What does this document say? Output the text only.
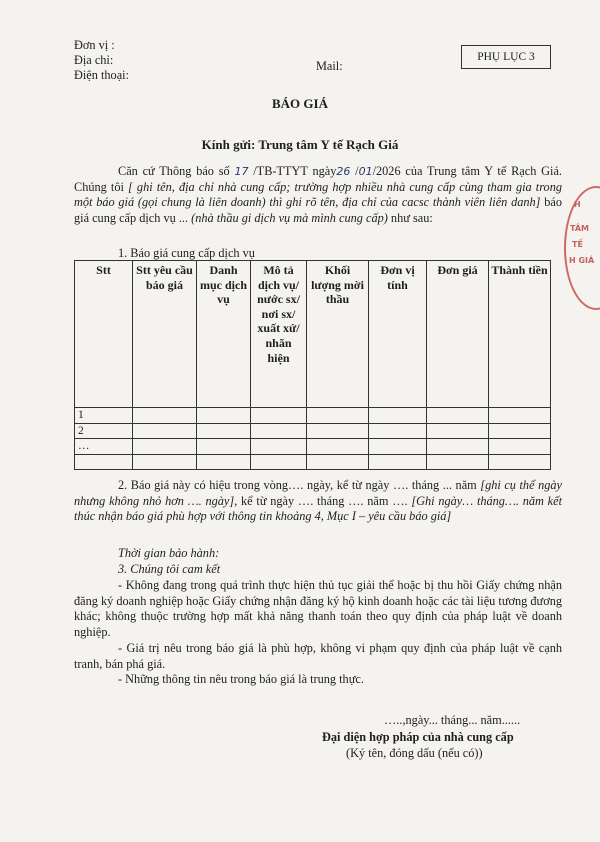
Đơn vị :
Địa chỉ:
Điện thoại:
Mail:
PHỤ LỤC 3
BÁO GIÁ
Kính gửi: Trung tâm Y tế Rạch Giá

Căn cứ Thông báo số 17 /TB-TTYT ngày26 /01/2026 của Trung tâm Y tế Rạch Giá. Chúng tôi [ ghi tên, địa chỉ nhà cung cấp; trường hợp nhiều nhà cung cấp cùng tham gia trong một báo giá (gọi chung là liên doanh) thì ghi rõ tên, địa chỉ của cacsc thành viên liên danh] báo giá cung cấp dịch vụ ... (nhà thầu gi dịch vụ mà mình cung cấp) như sau:

1. Báo giá cung cấp dịch vụ
Stt	Stt yêu cầu báo giá	Danh mục dịch vụ	Mô tả dịch vụ/ nước sx/ nơi sx/ xuất xứ/ nhãn hiện	Khối lượng mời thầu	Đơn vị tính	Đơn giá	Thành tiền
1							
2							
…							

2. Báo giá này có hiệu trong vòng…. ngày, kể từ ngày …. tháng ... năm [ghi cụ thể ngày nhưng không nhỏ hơn …. ngày], kể từ ngày …. tháng …. năm …. [Ghi ngày… tháng…. năm kết thúc nhận báo giá phù hợp với thông tin khoảng 4, Mục I – yêu cầu báo giá]

Thời gian bảo hành:
3. Chúng tôi cam kết

- Không đang trong quá trình thực hiện thủ tục giải thể hoặc bị thu hồi Giấy chứng nhận đăng ký doanh nghiệp hoặc Giấy chứng nhận đăng ký hộ kinh doanh hoặc các tài liệu tương đương khác; không thuộc trường hợp mất khả năng thanh toán theo quy định của pháp luật về doanh nghiệp.

- Giá trị nêu trong báo giá là phù hợp, không vi phạm quy định của pháp luật về cạnh tranh, bán phá giá.

- Những thông tin nêu trong báo giá là trung thực.

…..,ngày... tháng... năm......
Đại diện hợp pháp của nhà cung cấp
(Ký tên, đóng dấu (nếu có))
H
TÂM
TẾ
H GIÁ
